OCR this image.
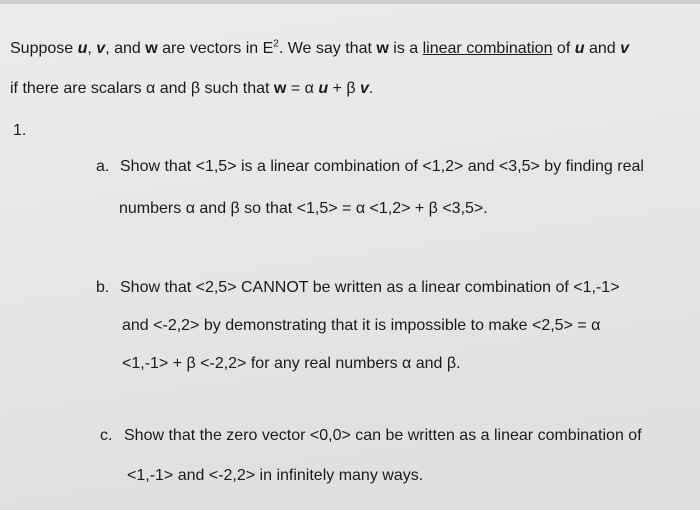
Suppose u, v, and w are vectors in $E^2$. We say that w is a linear combination of u and v
if there are scalars α and β such that w = α u + β v.
1.
a. Show that <1,5> is a linear combination of <1,2> and <3,5> by finding real
numbers α and β so that <1,5> = α <1,2> + β <3,5>.
b. Show that <2,5> CANNOT be written as a linear combination of <1,-1>
and <-2,2> by demonstrating that it is impossible to make <2,5> = α
<1,-1> + β <-2,2> for any real numbers α and β.
c. Show that the zero vector <0,0> can be written as a linear combination of
<1,-1> and <-2,2> in infinitely many ways.
